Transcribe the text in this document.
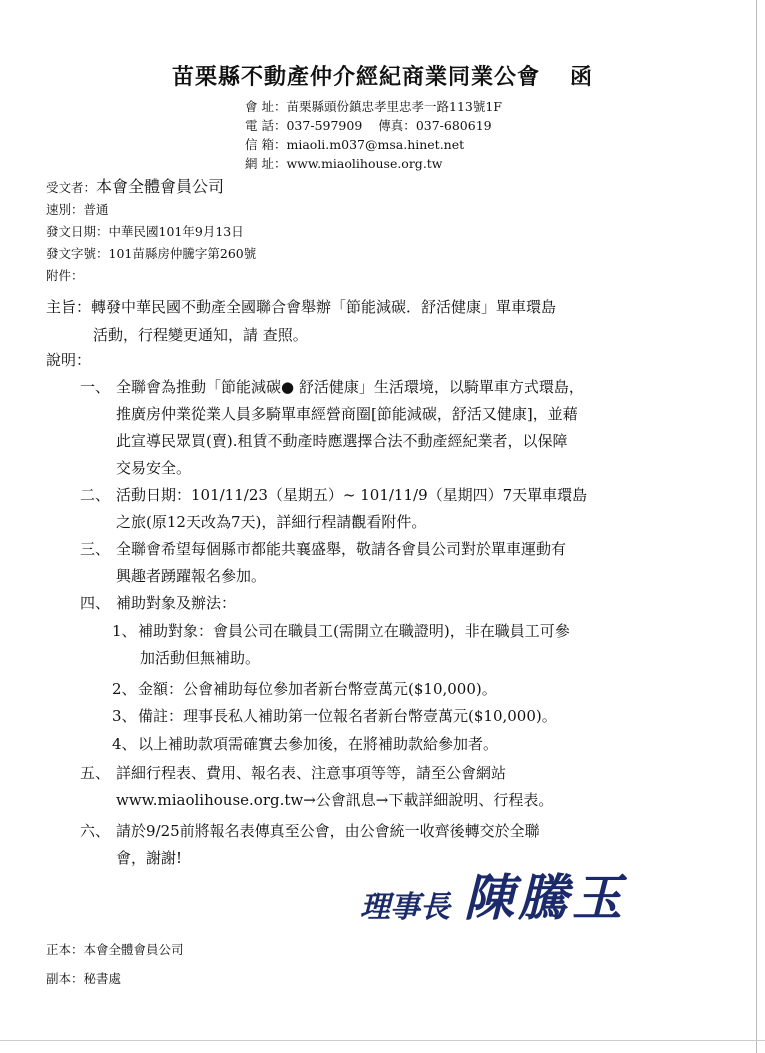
苗栗縣不動產仲介經紀商業同業公會 函
會 址： 苗栗縣頭份鎮忠孝里忠孝一路113號1F
電 話： 037-597909 傳真： 037-680619
信 箱： miaoli.m037@msa.hinet.net
網 址： www.miaolihouse.org.tw
受文者：本會全體會員公司
速別：普通
發文日期：中華民國101年9月13日
發文字號：101苗縣房仲騰字第260號
附件：
主旨：轉發中華民國不動產全國聯合會舉辦「節能減碳．舒活健康」單車環島
活動，行程變更通知，請 查照。
說明：
一、 全聯會為推動「節能減碳● 舒活健康」生活環境，以騎單車方式環島，
推廣房仲業從業人員多騎單車經營商圈[節能減碳，舒活又健康]，並藉
此宣導民眾買(賣).租賃不動產時應選擇合法不動產經紀業者，以保障
交易安全。
二、 活動日期：101/11/23（星期五）~ 101/11/9（星期四）7天單車環島
之旅(原12天改為7天)，詳細行程請觀看附件。
三、 全聯會希望每個縣市都能共襄盛舉，敬請各會員公司對於單車運動有
興趣者踴躍報名參加。
四、 補助對象及辦法：
1、補助對象：會員公司在職員工(需開立在職證明)，非在職員工可參
加活動但無補助。
2、金額：公會補助每位參加者新台幣壹萬元($10,000)。
3、備註：理事長私人補助第一位報名者新台幣壹萬元($10,000)。
4、以上補助款項需確實去參加後，在將補助款給參加者。
五、 詳細行程表、費用、報名表、注意事項等等，請至公會網站
www.miaolihouse.org.tw→公會訊息→下載詳細說明、行程表。
六、 請於9/25前將報名表傳真至公會，由公會統一收齊後轉交於全聯
會，謝謝!
理事長 陳騰玉
正本：本會全體會員公司
副本：秘書處
